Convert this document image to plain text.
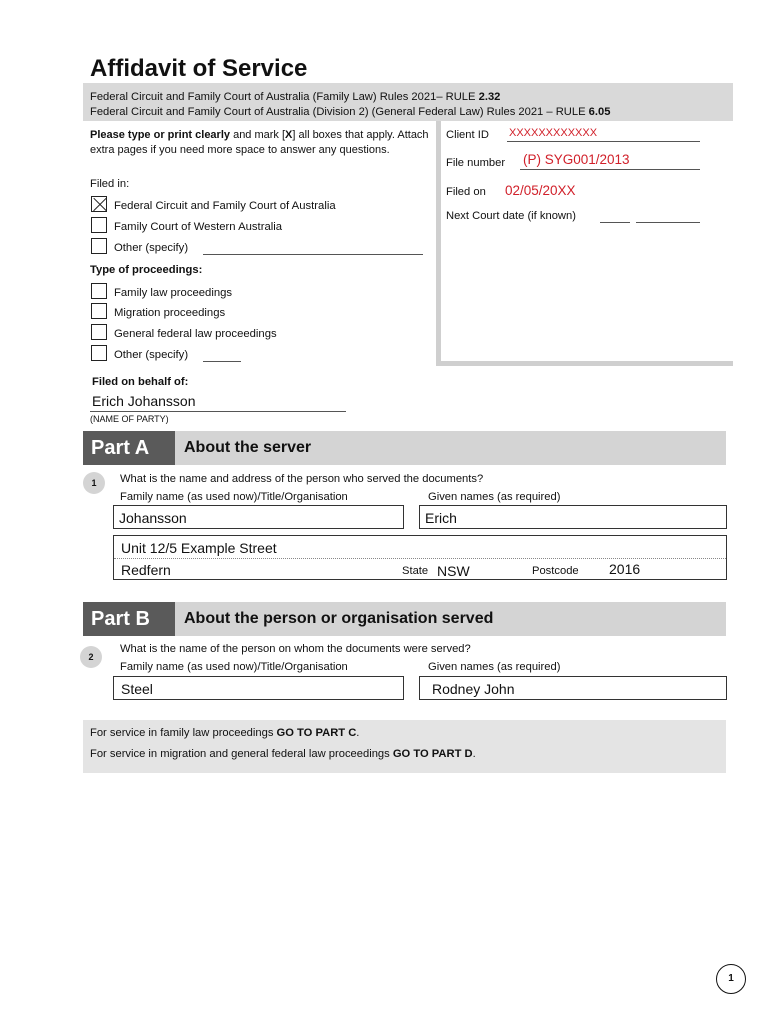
Affidavit of Service
Federal Circuit and Family Court of Australia (Family Law) Rules 2021– RULE 2.32
Federal Circuit and Family Court of Australia (Division 2) (General Federal Law) Rules 2021 – RULE 6.05
Please type or print clearly and mark [X] all boxes that apply. Attach extra pages if you need more space to answer any questions.
Filed in:
Federal Circuit and Family Court of Australia
Family Court of Western Australia
Other (specify)
Type of proceedings:
Family law proceedings
Migration proceedings
General federal law proceedings
Other (specify)
Client ID XXXXXXXXXXXX
File number (P) SYG001/2013
Filed on 02/05/20XX
Next Court date (if known)
Filed on behalf of:
Erich Johansson
(NAME OF PARTY)
Part A	About the server
1	What is the name and address of the person who served the documents?
Family name (as used now)/Title/Organisation	Given names (as required)
Johansson	Erich
Unit 12/5 Example Street
Redfern	State NSW	Postcode 2016
Part B	About the person or organisation served
2
What is the name of the person on whom the documents were served?
Family name (as used now)/Title/Organisation	Given names (as required)
Steel	Rodney John
For service in family law proceedings GO TO PART C.
For service in migration and general federal law proceedings GO TO PART D.
1
